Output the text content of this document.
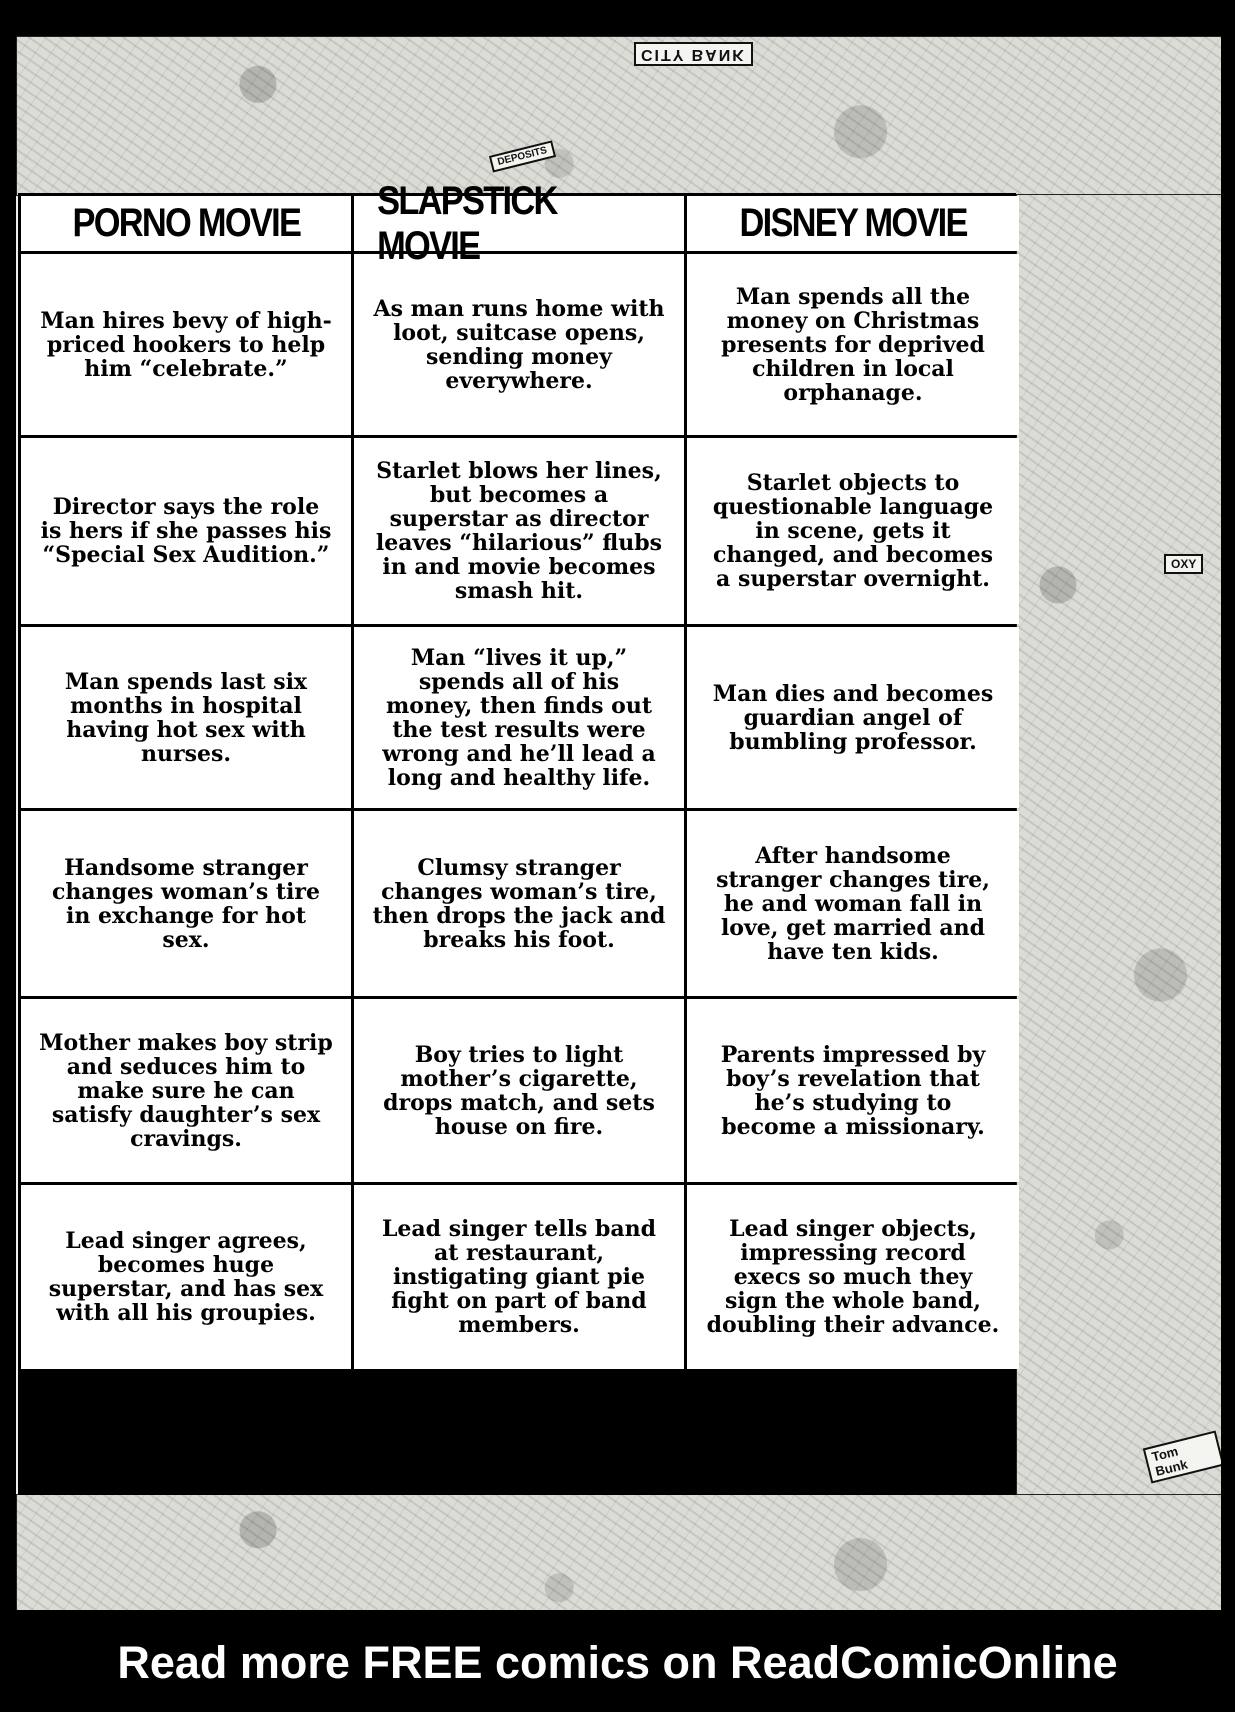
CITY BANK
DEPOSITS
OXY
Tom Bunk
PORNO MOVIE
SLAPSTICK MOVIE
DISNEY MOVIE
Man hires bevy of high-priced hookers to help him “celebrate.”
As man runs home with loot, suitcase opens, sending money everywhere.
Man spends all the money on Christmas presents for deprived children in local orphanage.
Director says the role is hers if she passes his “Special Sex Audition.”
Starlet blows her lines, but becomes a superstar as director leaves “hilarious” flubs in and movie becomes smash hit.
Starlet objects to questionable language in scene, gets it changed, and becomes a superstar overnight.
Man spends last six months in hospital having hot sex with nurses.
Man “lives it up,” spends all of his money, then finds out the test results were wrong and he’ll lead a long and healthy life.
Man dies and becomes guardian angel of bumbling professor.
Handsome stranger changes woman’s tire in exchange for hot sex.
Clumsy stranger changes woman’s tire, then drops the jack and breaks his foot.
After handsome stranger changes tire, he and woman fall in love, get married and have ten kids.
Mother makes boy strip and seduces him to make sure he can satisfy daughter’s sex cravings.
Boy tries to light mother’s cigarette, drops match, and sets house on fire.
Parents impressed by boy’s revelation that he’s studying to become a missionary.
Lead singer agrees, becomes huge superstar, and has sex with all his groupies.
Lead singer tells band at restaurant, instigating giant pie fight on part of band members.
Lead singer objects, impressing record execs so much they sign the whole band, doubling their advance.
Read more FREE comics on ReadComicOnline
